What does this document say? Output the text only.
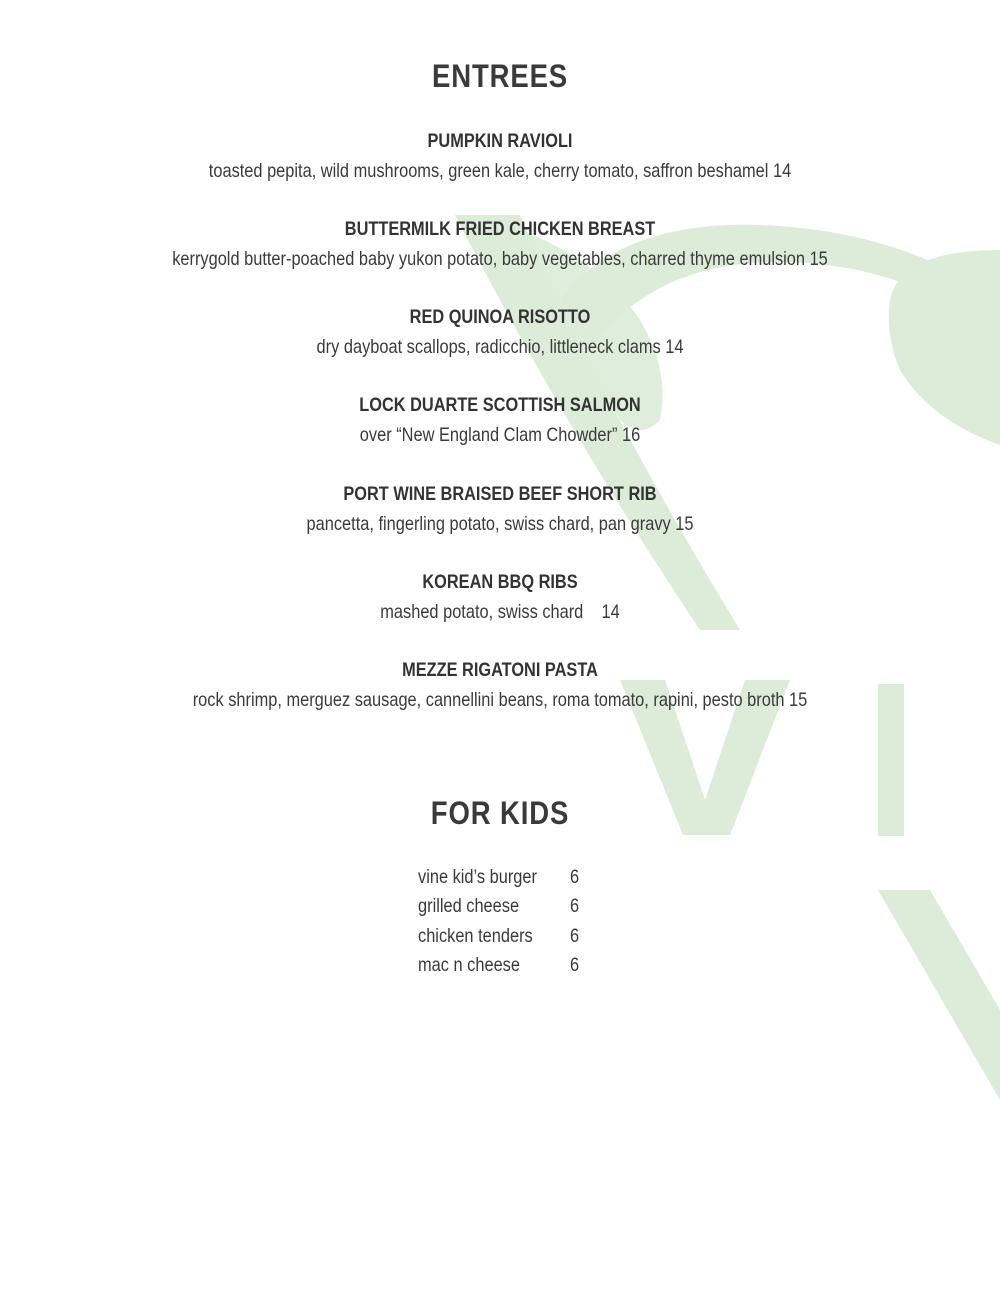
ENTREES
PUMPKIN RAVIOLI
toasted pepita, wild mushrooms, green kale, cherry tomato, saffron beshamel 14
BUTTERMILK FRIED CHICKEN BREAST
kerrygold butter-poached baby yukon potato, baby vegetables, charred thyme emulsion 15
RED QUINOA RISOTTO
dry dayboat scallops, radicchio, littleneck clams 14
LOCK DUARTE SCOTTISH SALMON
over “New England Clam Chowder” 16
PORT WINE BRAISED BEEF SHORT RIB
pancetta, fingerling potato, swiss chard, pan gravy 15
KOREAN BBQ RIBS
mashed potato, swiss chard    14
MEZZE RIGATONI PASTA
rock shrimp, merguez sausage, cannellini beans, roma tomato, rapini, pesto broth 15
FOR KIDS
vine kid’s burger 6
grilled cheese	6
chicken tenders 6
mac n cheese	6
